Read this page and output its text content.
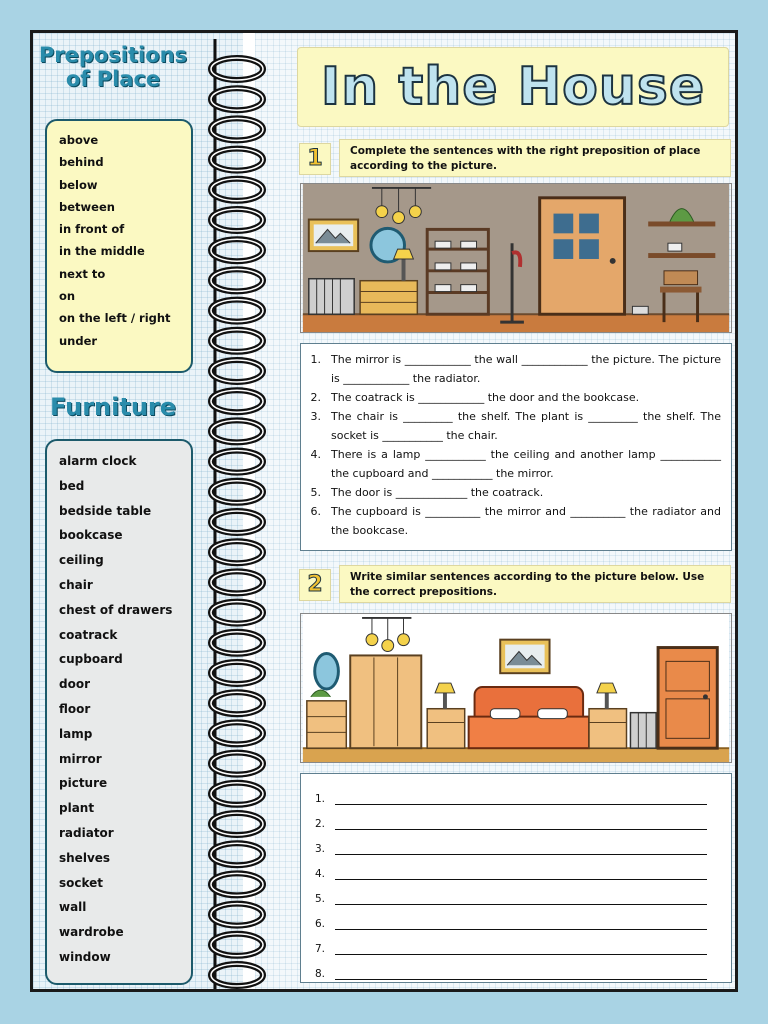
Prepositions
of Place
above
behind
below
between
in front of
in the middle
next to
on
on the left / right
under
Furniture
alarm clock
bed
bedside table
bookcase
ceiling
chair
chest of drawers
coatrack
cupboard
door
floor
lamp
mirror
picture
plant
radiator
shelves
socket
wall
wardrobe
window
In the House
1	Complete the sentences with the right preposition of place according to the picture.
1. The mirror is ____________ the wall ____________ the picture. The picture is ____________ the radiator.
2. The coatrack is ____________ the door and the bookcase.
3. The chair is _________ the shelf. The plant is _________ the shelf. The socket is ___________ the chair.
4. There is a lamp ___________ the ceiling and another lamp ___________ the cupboard and ___________ the mirror.
5. The door is _____________ the coatrack.
6. The cupboard is __________ the mirror and __________ the radiator and the bookcase.
2	Write similar sentences according to the picture below. Use the correct prepositions.
1.
2.
3.
4.
5.
6.
7.
8.
